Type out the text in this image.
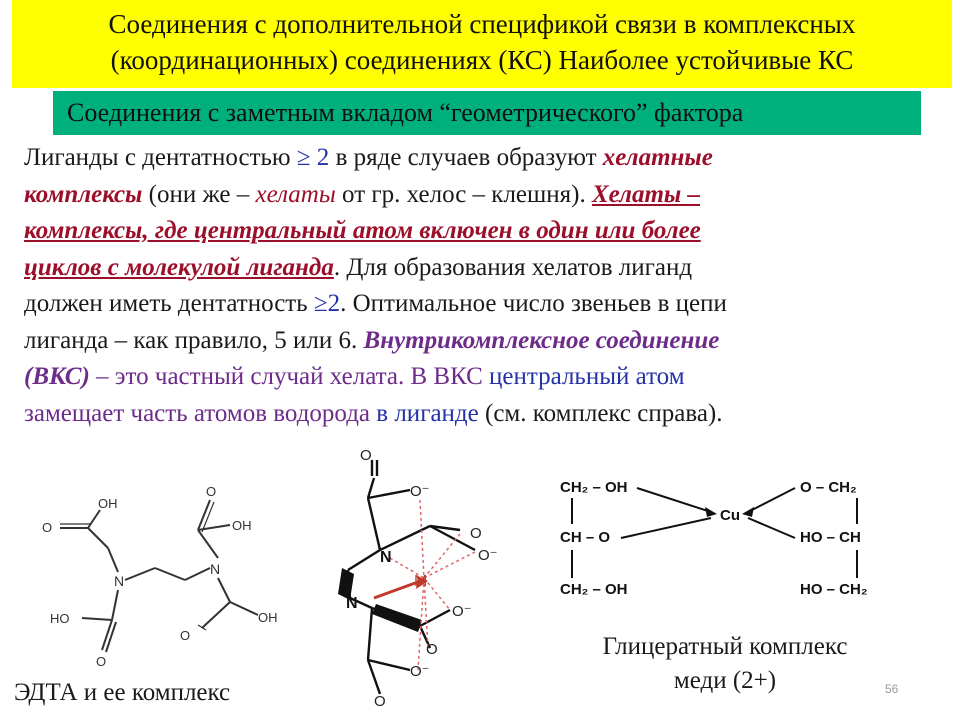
Соединения с дополнительной спецификой связи в комплексных
(координационных) соединениях (КС) Наиболее устойчивые КС
Соединения с заметным вкладом “геометрического” фактора
Лиганды с дентатностью ≥ 2 в ряде случаев образуют хелатные
комплексы (они же – хелаты от гр. хелос – клешня). Хелаты –
комплексы, где центральный атом включен в один или более
циклов с молекулой лиганда. Для образования хелатов лиганд
должен иметь дентатность ≥2. Оптимальное число звеньев в цепи
лиганда – как правило, 5 или 6. Внутрикомплексное соединение
(ВКС) – это частный случай хелата. В ВКС центральный атом
замещает часть атомов водорода в лиганде (см. комплекс справа).
N
N
O
OH
HO
O
O
OH
O
OH
O
O⁻
N
N
M
O
O⁻
O⁻
O
O⁻
O
CH₂ – OH
CH – O
CH₂ – OH
Cu
O – CH₂
HO – CH
HO – CH₂
ЭДТА и ее комплекс
Глицератный комплекс
меди (2+)	56
